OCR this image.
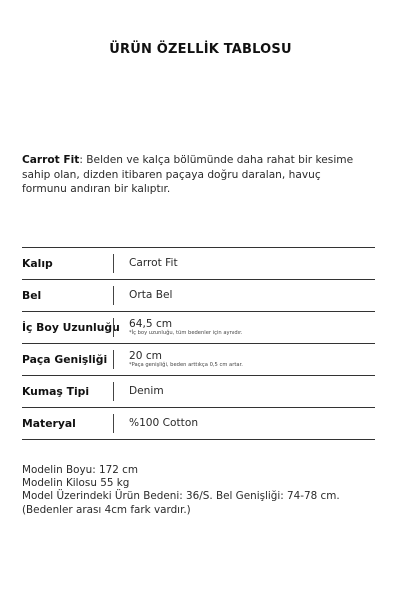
ÜRÜN ÖZELLİK TABLOSU
Carrot Fit: Belden ve kalça bölümünde daha rahat bir kesime sahip olan, dizden itibaren paçaya doğru daralan, havuç formunu andıran bir kalıptır.
Kalıp	Carrot Fit
Bel	Orta Bel
İç Boy Uzunluğu 64,5 cm
*İç boy uzunluğu, tüm bedenler için aynıdır.
Paça Genişliği 20 cm
*Paça genişliği, beden arttıkça 0,5 cm artar.
Kumaş Tipi	Denim
Materyal	%100 Cotton
Modelin Boyu: 172 cm
Modelin Kilosu 55 kg
Model Üzerindeki Ürün Bedeni: 36/S. Bel Genişliği: 74-78 cm. (Bedenler arası 4cm fark vardır.)
